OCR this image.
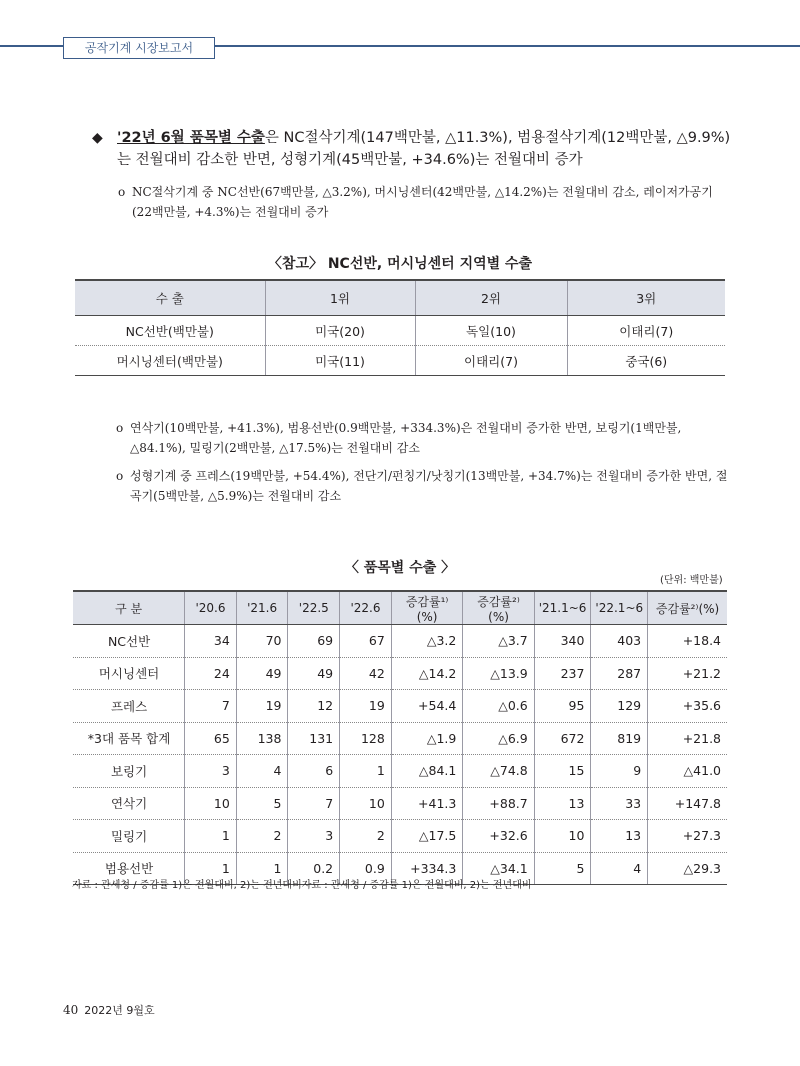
공작기계 시장보고서
◆ '22년 6월 품목별 수출은 NC절삭기계(147백만불, △11.3%), 범용절삭기계(12백만불, △9.9%)는 전월대비 감소한 반면, 성형기계(45백만불, +34.6%)는 전월대비 증가
o NC절삭기계 중 NC선반(67백만불, △3.2%), 머시닝센터(42백만불, △14.2%)는 전월대비 감소, 레이저가공기(22백만불, +4.3%)는 전월대비 증가
〈참고〉 NC선반, 머시닝센터 지역별 수출
수 출	1위	2위	3위
NC선반(백만불)	미국(20)	독일(10)	이태리(7)
머시닝센터(백만불)	미국(11)	이태리(7)	중국(6)
o 연삭기(10백만불, +41.3%), 범용선반(0.9백만불, +334.3%)은 전월대비 증가한 반면, 보링기(1백만불, △84.1%), 밀링기(2백만불, △17.5%)는 전월대비 감소
o 성형기계 중 프레스(19백만불, +54.4%), 전단기/펀칭기/낫칭기(13백만불, +34.7%)는 전월대비 증가한 반면, 절곡기(5백만불, △5.9%)는 전월대비 감소
〈 품목별 수출 〉
(단위: 백만불)
구 분	'20.6	'21.6	'22.5	'22.6	증감률¹⁾(%)	증감률²⁾(%)	'21.1~6	'22.1~6	증감률²⁾(%)
NC선반	34	70	69	67	△3.2	△3.7	340	403	+18.4
머시닝센터	24	49	49	42	△14.2	△13.9	237	287	+21.2
프레스	7	19	12	19	+54.4	△0.6	95	129	+35.6
*3대 품목 합계	65	138	131	128	△1.9	△6.9	672	819	+21.8
보링기	3	4	6	1	△84.1	△74.8	15	9	△41.0
연삭기	10	5	7	10	+41.3	+88.7	13	33	+147.8
밀링기	1	2	3	2	△17.5	+32.6	10	13	+27.3
범용선반	1	1	0.2	0.9	+334.3	△34.1	5	4	△29.3
자료 : 관세청 / 증감률 1)은 전월대비, 2)는 전년대비자료 : 관세청 / 증감률 1)은 전월대비, 2)는 전년대비
40 2022년 9월호
